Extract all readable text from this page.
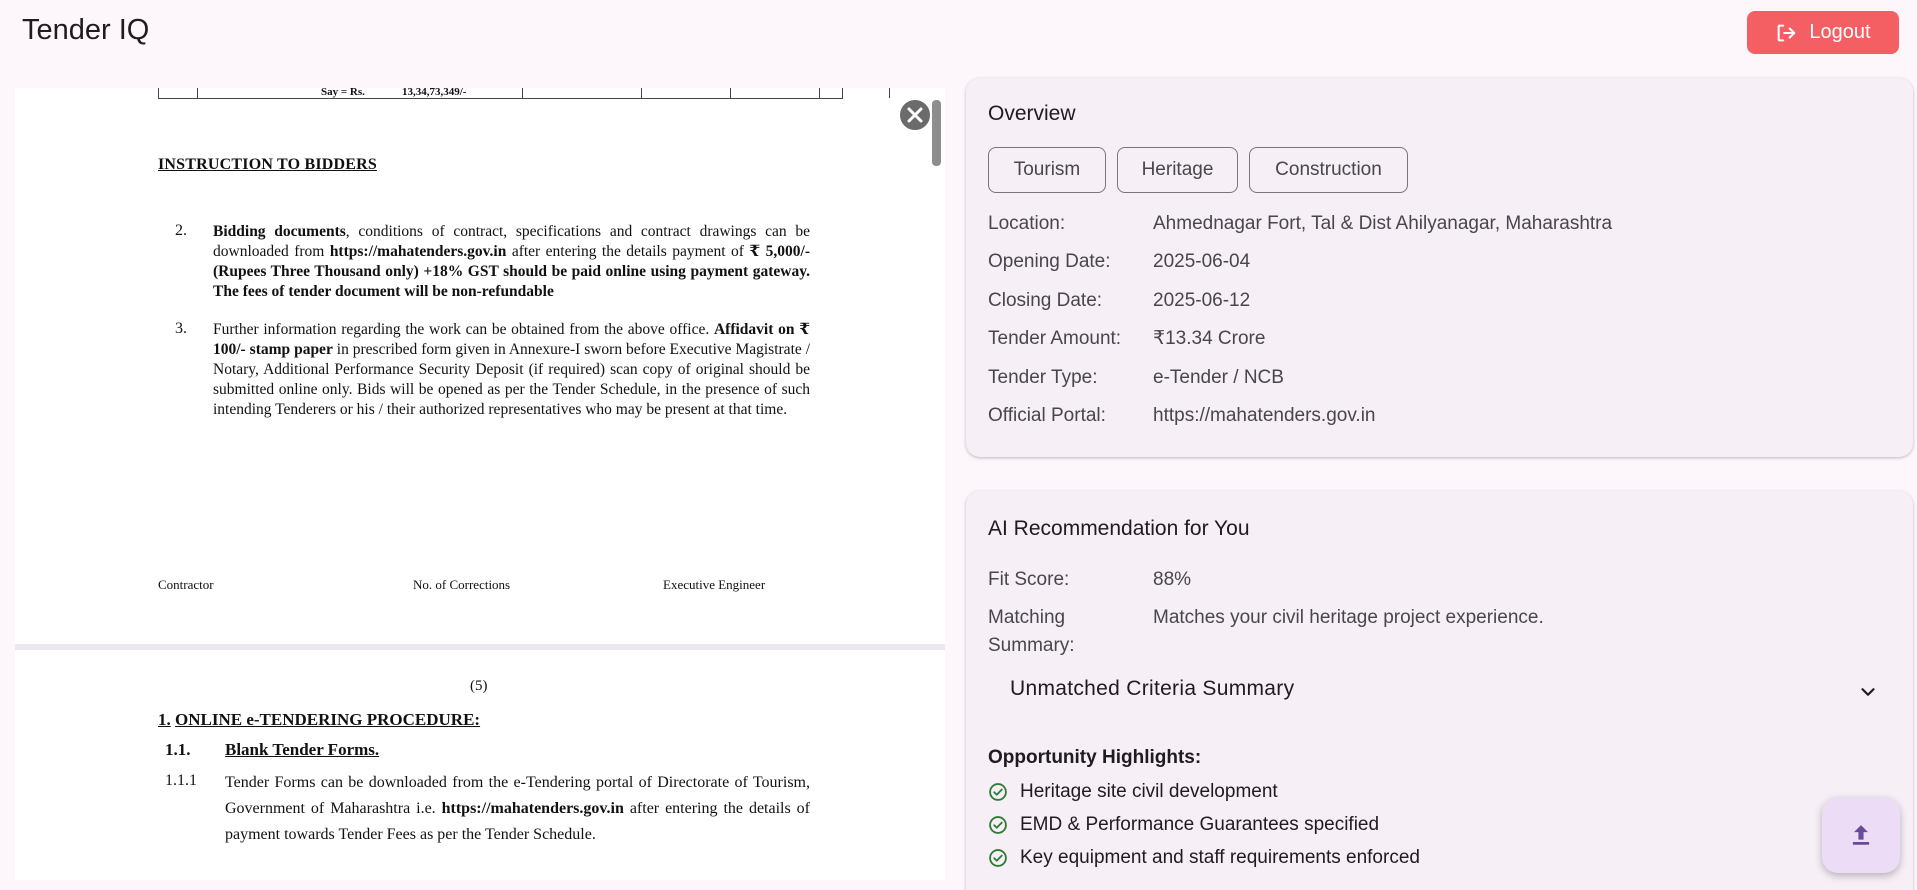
Tender IQ	Logout
Say = Rs.	13,34,73,349/-
INSTRUCTION TO BIDDERS
2. Bidding documents, conditions of contract, specifications and contract drawings can be downloaded from https://mahatenders.gov.in after entering the details payment of ₹ 5,000/-(Rupees Three Thousand only) +18% GST should be paid online using payment gateway. The fees of tender document will be non-refundable
3. Further information regarding the work can be obtained from the above office. Affidavit on ₹ 100/- stamp paper in prescribed form given in Annexure-I sworn before Executive Magistrate / Notary, Additional Performance Security Deposit (if required) scan copy of original should be submitted online only. Bids will be opened as per the Tender Schedule, in the presence of such intending Tenderers or his / their authorized representatives who may be present at that time.
Contractor	No. of Corrections	Executive Engineer
(5)
1. ONLINE e-TENDERING PROCEDURE:
1.1. Blank Tender Forms.
1.1.1 Tender Forms can be downloaded from the e-Tendering portal of Directorate of Tourism, Government of Maharashtra i.e. https://mahatenders.gov.in after entering the details of payment towards Tender Fees as per the Tender Schedule.
Overview
Tourism	Heritage	Construction
Location:	Ahmednagar Fort, Tal & Dist Ahilyanagar, Maharashtra
Opening Date: 2025-06-04
Closing Date:	2025-06-12
Tender Amount: ₹13.34 Crore
Tender Type:	e-Tender / NCB
Official Portal: https://mahatenders.gov.in
AI Recommendation for You
Fit Score:	88%
Matching
Summary:
Matches your civil heritage project experience.
Unmatched Criteria Summary
Opportunity Highlights:
Heritage site civil development
EMD & Performance Guarantees specified
Key equipment and staff requirements enforced
